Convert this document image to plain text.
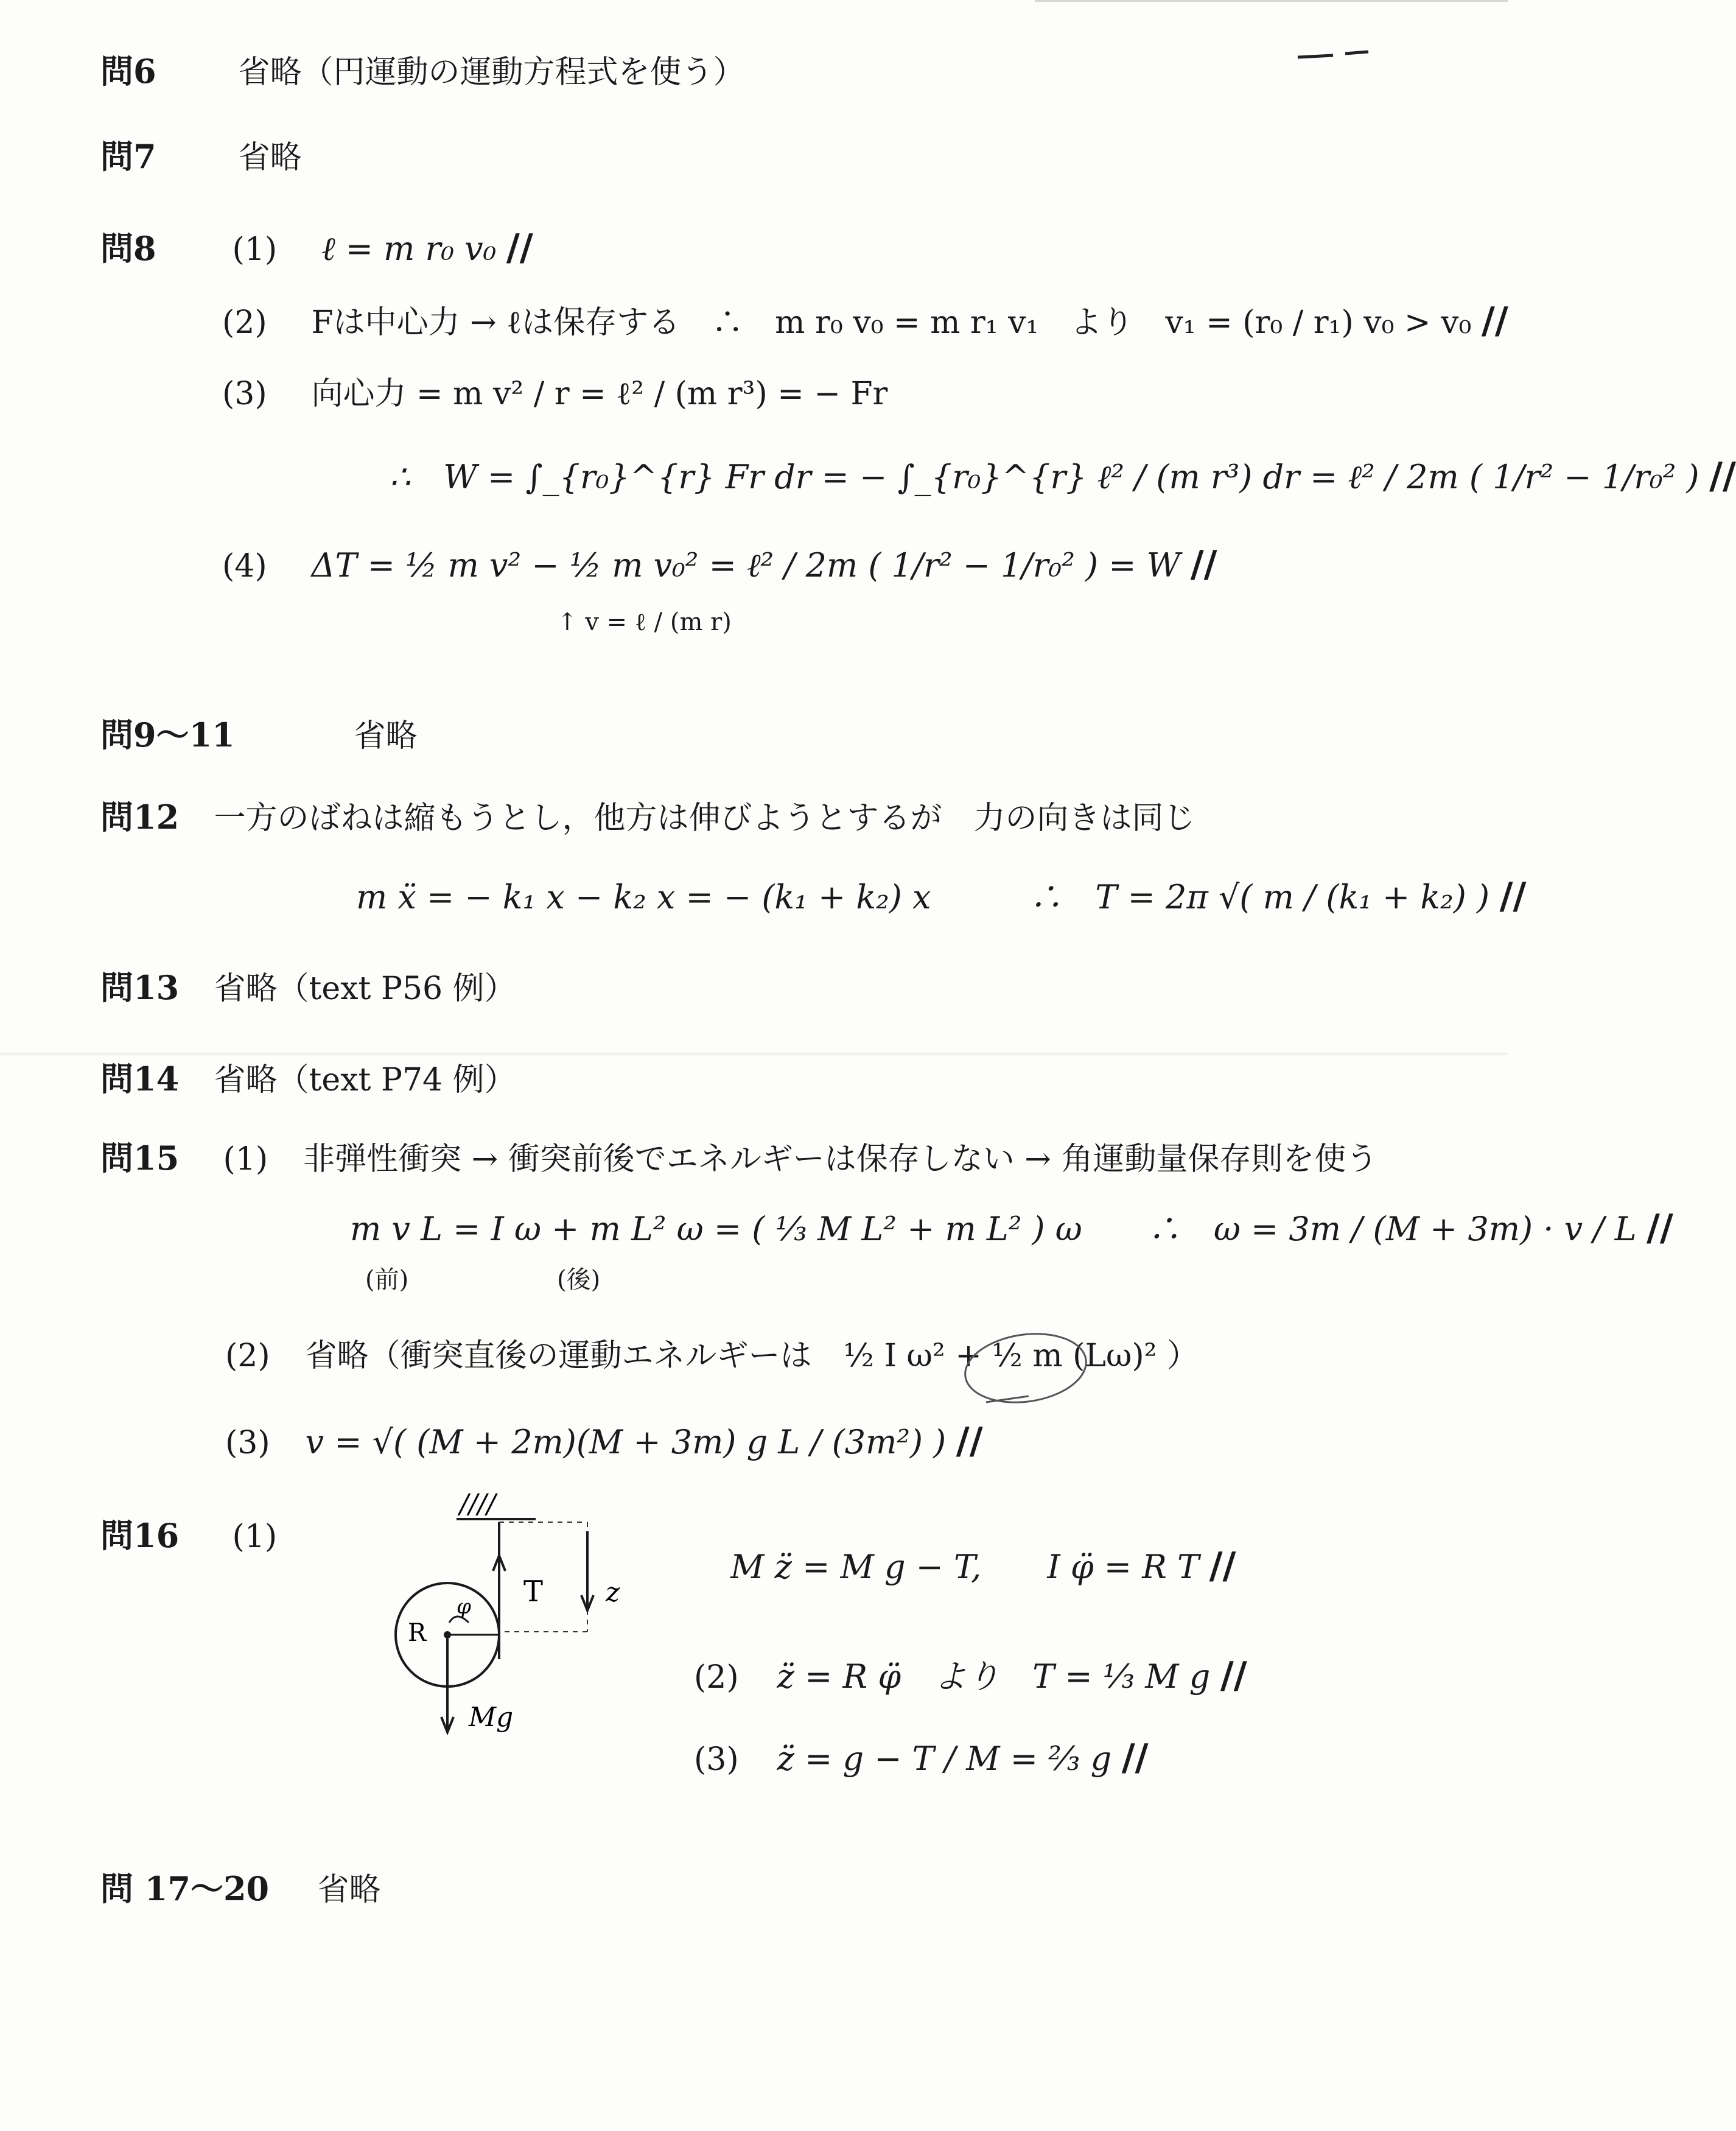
問6	省略（円運動の運動方程式を使う）
問7	省略
問8 (1) ℓ = m r₀ v₀ //
(2) Fは中心力 → ℓは保存する　∴　m r₀ v₀ = m r₁ v₁　より　v₁ = (r₀ / r₁) v₀ > v₀ //
(3) 向心力 = m v² / r = ℓ² / (m r³) = − Fr
∴　W = ∫_{r₀}^{r} Fr dr = − ∫_{r₀}^{r} ℓ² / (m r³) dr = ℓ² / 2m ( 1/r² − 1/r₀² ) //
(4) ΔT = ½ m v² − ½ m v₀² = ℓ² / 2m ( 1/r² − 1/r₀² ) = W //
↑ v = ℓ / (m r)
問9〜11	省略
問12 一方のばねは縮もうとし，他方は伸びようとするが　力の向きは同じ
m ẍ = − k₁ x − k₂ x = − (k₁ + k₂) x　　　∴　T = 2π √( m / (k₁ + k₂) ) //
問13 省略（text P56 例）
問14 省略（text P74 例）
問15 (1) 非弾性衝突 → 衝突前後でエネルギーは保存しない → 角運動量保存則を使う
m v L = I ω + m L² ω = ( ⅓ M L² + m L² ) ω　　∴　ω = 3m / (M + 3m) · v / L //
(前)	(後)
(2) 省略（衝突直後の運動エネルギーは　½ I ω² + ½ m (Lω)² ）
(3) v = √( (M + 2m)(M + 3m) g L / (3m²) ) //
問16 (1)
////
T
R
z
φ
Mg
M z̈ = M g − T,　　I φ̈ = R T //
(2) z̈ = R φ̈　より　T = ⅓ M g //
(3) z̈ = g − T / M = ⅔ g //
問 17〜20 省略
